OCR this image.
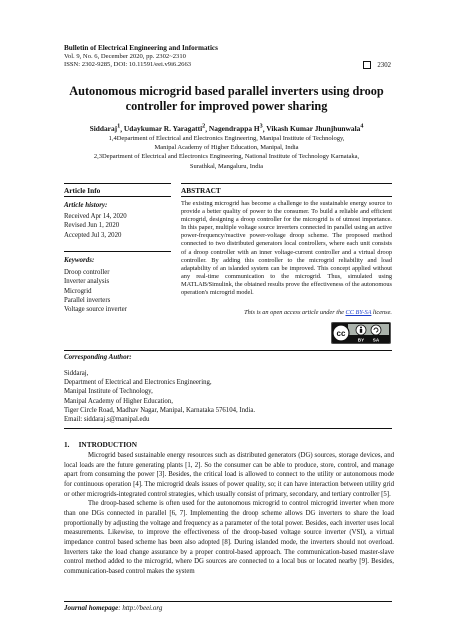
Bulletin of Electrical Engineering and Informatics
Vol. 9, No. 6, December 2020, pp. 2302~2310
ISSN: 2302-9285, DOI: 10.11591/eei.v9i6.2663	2302
Autonomous microgrid based parallel inverters using droop
controller for improved power sharing
Siddaraj$^1$, Udaykumar R. Yaragatti$^2$, Nagendrappa $H^3$, Vikash Kumar Jhunjhunwala$^4$
1,4Department of Electrical and Electronics Engineering, Manipal Institute of Technology,
Manipal Academy of Higher Education, Manipal, India
2,3Department of Electrical and Electronics Engineering, National Institute of Technology Karnataka,
Surathkal, Mangaluru, India
Article Info	ABSTRACT
Article history:
Received Apr 14, 2020
Revised Jun 1, 2020
Accepted Jul 3, 2020
Keywords:
Droop controller
Inverter analysis
Microgrid
Parallel inverters
Voltage source inverter
The existing microgrid has become a challenge to the sustainable energy source to provide a better quality of power to the consumer. To build a reliable and efficient microgrid, designing a droop controller for the microgrid is of utmost importance. In this paper, multiple voltage source inverters connected in parallel using an active power-frequency/reactive power-voltage droop scheme. The proposed method connected to two distributed generators local controllers, where each unit consists of a droop controller with an inner voltage-current controller and a virtual droop controller. By adding this controller to the microgrid reliability and load adaptability of an islanded system can be improved. This concept applied without any real-time communication to the microgrid. Thus, simulated using MATLAB/Simulink, the obtained results prove the effectiveness of the autonomous operation's microgrid model.
This is an open access article under the CC BY-SA license.
cc
BY SA
Corresponding Author:
Siddaraj,
Department of Electrical and Electronics Engineering,
Manipal Institute of Technology,
Manipal Academy of Higher Education,
Tiger Circle Road, Madhav Nagar, Manipal, Karnataka 576104, India.
Email: siddaraj.s@manipal.edu
1.     INTRODUCTION

Microgrid based sustainable energy resources such as distributed generators (DG) sources, storage devices, and local loads are the future generating plants [1, 2]. So the consumer can be able to produce, store, control, and manage apart from consuming the power [3]. Besides, the critical load is allowed to connect to the utility or autonomous mode for continuous operation [4]. The microgrid deals issues of power quality, so; it can have interaction between utility grid or other microgrids-integrated control strategies, which usually consist of primary, secondary, and tertiary controller [5].

The droop-based scheme is often used for the autonomous microgrid to control microgrid inverter when more than one DGs connected in parallel [6, 7]. Implementing the droop scheme allows DG inverters to share the load proportionally by adjusting the voltage and frequency as a parameter of the total power. Besides, each inverter uses local measurements. Likewise, to improve the effectiveness of the droop-based voltage source inverter (VSI), a virtual impedance control based scheme has been also adopted [8]. During islanded mode, the inverters should not overload. Inverters take the load change assurance by a proper control-based approach. The communication-based master-slave control method added to the microgrid, where DG sources are connected to a local bus or located nearby [9]. Besides, communication-based control makes the system

Journal homepage: http://beei.org
